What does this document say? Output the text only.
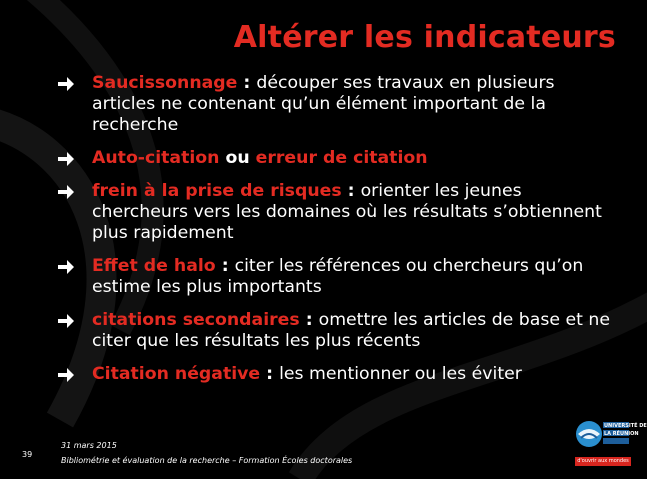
Altérer les indicateurs
Saucissonnage : découper ses travaux en plusieurs articles ne contenant qu’un élément important de la recherche
Auto-citation ou erreur de citation
frein à la prise de risques : orienter les jeunes chercheurs vers les domaines où les résultats s’obtiennent plus rapidement
Effet de halo : citer les références ou chercheurs qu’on estime les plus importants
citations secondaires : omettre les articles de base et ne citer que les résultats les plus récents
Citation négative : les mentionner ou les éviter
39
31 mars 2015
Bibliométrie et évaluation de la recherche – Formation Écoles doctorales
UNIVERSITÉ DE
LA RÉUNION
d'ouvrir aux mondes
